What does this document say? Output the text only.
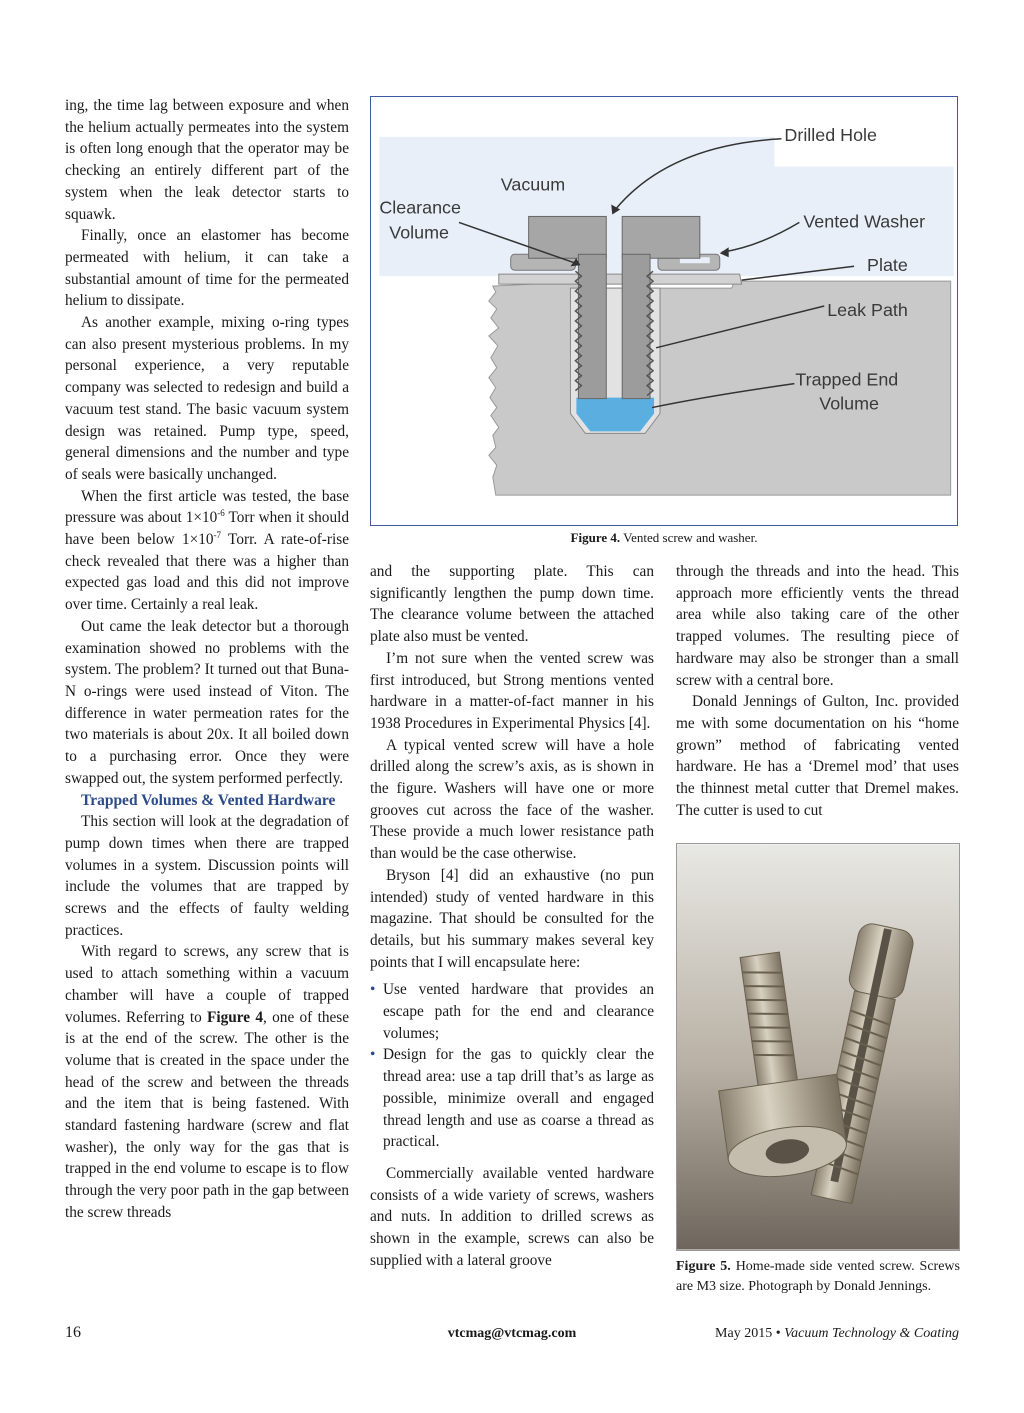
ing, the time lag between exposure and when the helium actually permeates into the system is often long enough that the operator may be checking an entirely different part of the system when the leak detector starts to squawk.

Finally, once an elastomer has become permeated with helium, it can take a substantial amount of time for the permeated helium to dissipate.

As another example, mixing o-ring types can also present mysterious problems. In my personal experience, a very reputable company was selected to redesign and build a vacuum test stand. The basic vacuum system design was retained. Pump type, speed, general dimensions and the number and type of seals were basically unchanged.

When the first article was tested, the base pressure was about $1\times 10^{-6}$ Torr when it should have been below $1\times 10^{-7}$ Torr. A rate-of-rise check revealed that there was a higher than expected gas load and this did not improve over time. Certainly a real leak.

Out came the leak detector but a thorough examination showed no problems with the system. The problem? It turned out that Buna-N o-rings were used instead of Viton. The difference in water permeation rates for the two materials is about 20x. It all boiled down to a purchasing error. Once they were swapped out, the system performed perfectly.

Trapped Volumes & Vented Hardware

This section will look at the degradation of pump down times when there are trapped volumes in a system. Discussion points will include the volumes that are trapped by screws and the effects of faulty welding practices.

With regard to screws, any screw that is used to attach something within a vacuum chamber will have a couple of trapped volumes. Referring to Figure 4, one of these is at the end of the screw. The other is the volume that is created in the space under the head of the screw and between the threads and the item that is being fastened. With standard fastening hardware (screw and flat washer), the only way for the gas that is trapped in the end volume to escape is to flow through the very poor path in the gap between the screw threads

Drilled Hole
Vacuum
Clearance
Volume
Vented Washer
Plate
Leak Path
Trapped End
Volume
Figure 4. Vented screw and washer.

and the supporting plate. This can significantly lengthen the pump down time. The clearance volume between the attached plate also must be vented.

I’m not sure when the vented screw was first introduced, but Strong mentions vented hardware in a matter-of-fact manner in his 1938 Procedures in Experimental Physics [4].

A typical vented screw will have a hole drilled along the screw’s axis, as is shown in the figure. Washers will have one or more grooves cut across the face of the washer. These provide a much lower resistance path than would be the case otherwise.

Bryson [4] did an exhaustive (no pun intended) study of vented hardware in this magazine. That should be consulted for the details, but his summary makes several key points that I will encapsulate here:

• Use vented hardware that provides an escape path for the end and clearance volumes;
• Design for the gas to quickly clear the thread area: use a tap drill that’s as large as possible, minimize overall and engaged thread length and use as coarse a thread as practical.

Commercially available vented hardware consists of a wide variety of screws, washers and nuts. In addition to drilled screws as shown in the example, screws can also be supplied with a lateral groove

through the threads and into the head. This approach more efficiently vents the thread area while also taking care of the other trapped volumes. The resulting piece of hardware may also be stronger than a small screw with a central bore.

Donald Jennings of Gulton, Inc. provided me with some documentation on his “home grown” method of fabricating vented hardware. He has a ‘Dremel mod’ that uses the thinnest metal cutter that Dremel makes. The cutter is used to cut

Figure 5. Home-made side vented screw. Screws are M3 size. Photograph by Donald Jennings.
16	vtcmag@vtcmag.com	May 2015 • Vacuum Technology & Coating
